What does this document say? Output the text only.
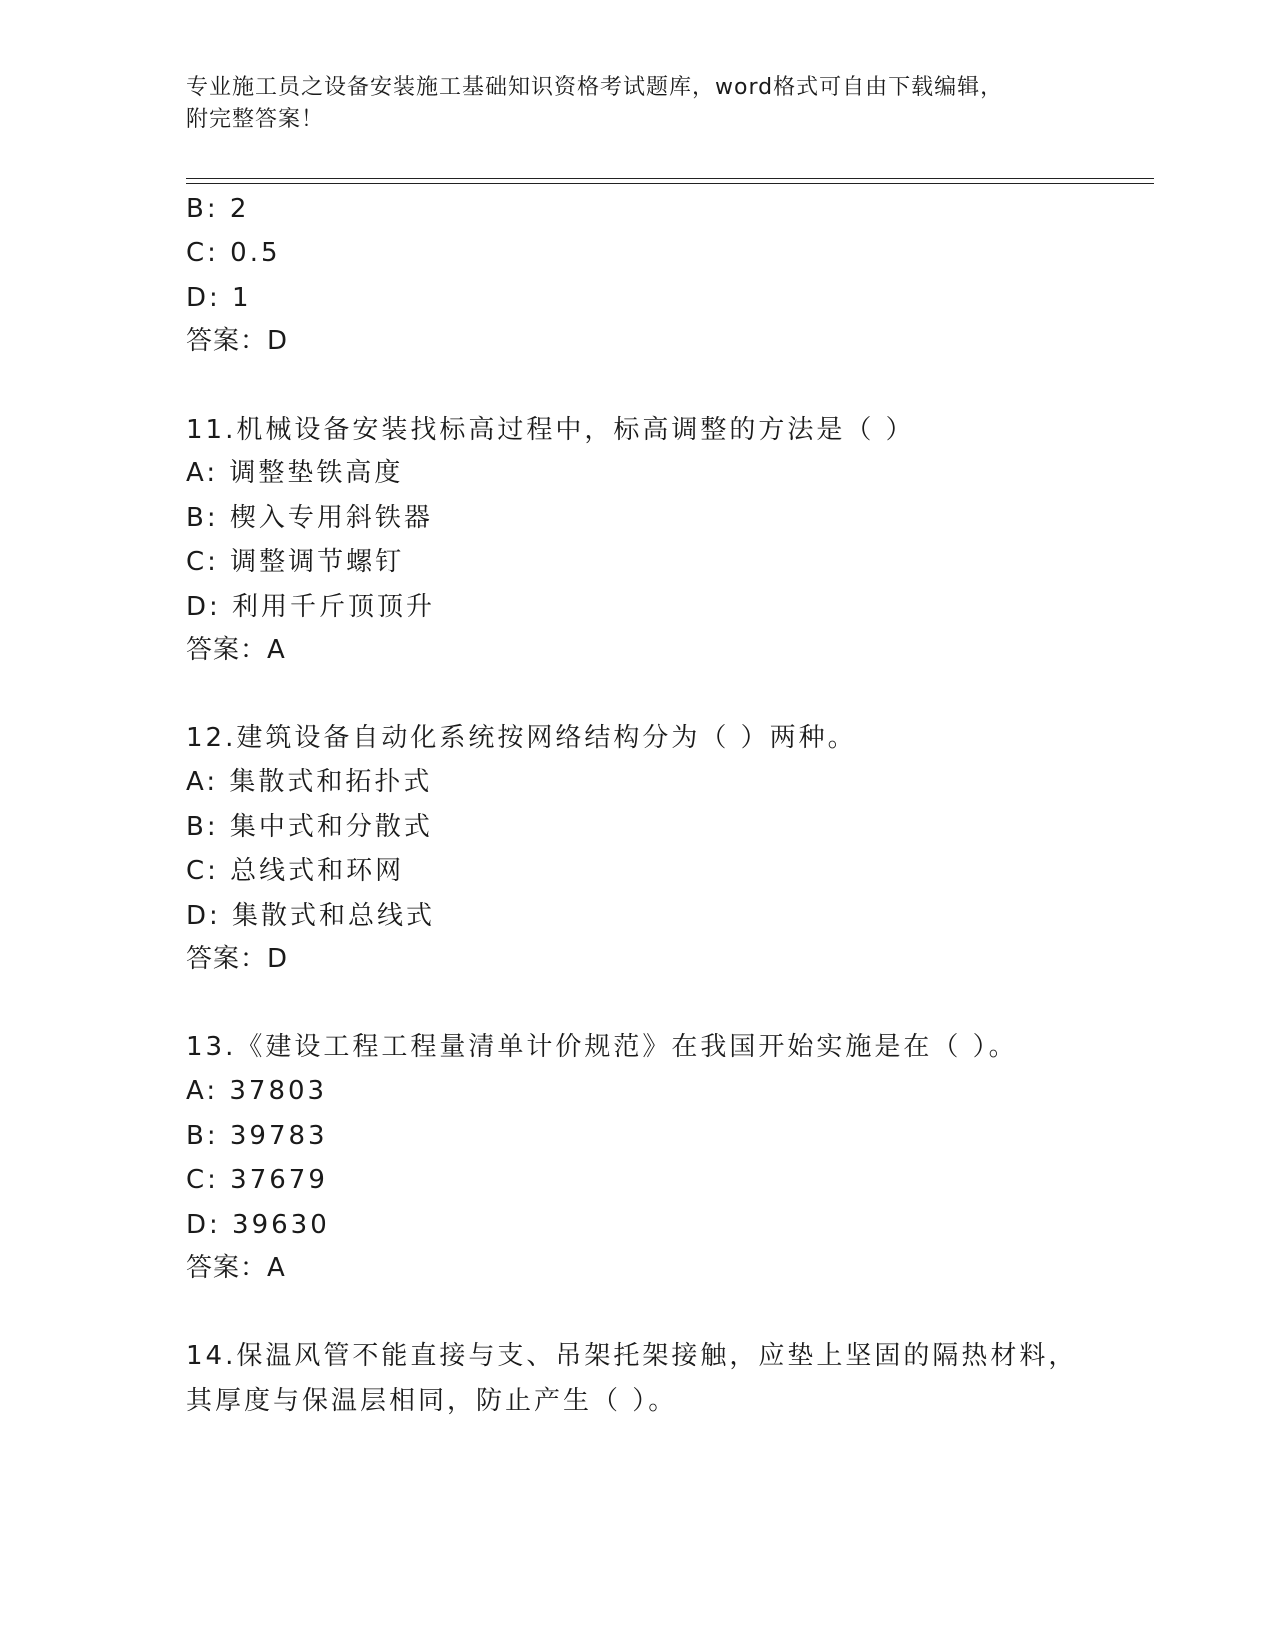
专业施工员之设备安装施工基础知识资格考试题库，word格式可自由下载编辑，
附完整答案！
B: 2
C: 0.5
D: 1
答案：D
11.机械设备安装找标高过程中，标高调整的方法是（ ）
A: 调整垫铁高度
B: 楔入专用斜铁器
C: 调整调节螺钉
D: 利用千斤顶顶升
答案：A
12.建筑设备自动化系统按网络结构分为（ ）两种。
A: 集散式和拓扑式
B: 集中式和分散式
C: 总线式和环网
D: 集散式和总线式
答案：D
13.《建设工程工程量清单计价规范》在我国开始实施是在（ ）。
A: 37803
B: 39783
C: 37679
D: 39630
答案：A
14.保温风管不能直接与支、吊架托架接触，应垫上坚固的隔热材料，
其厚度与保温层相同，防止产生（ ）。
